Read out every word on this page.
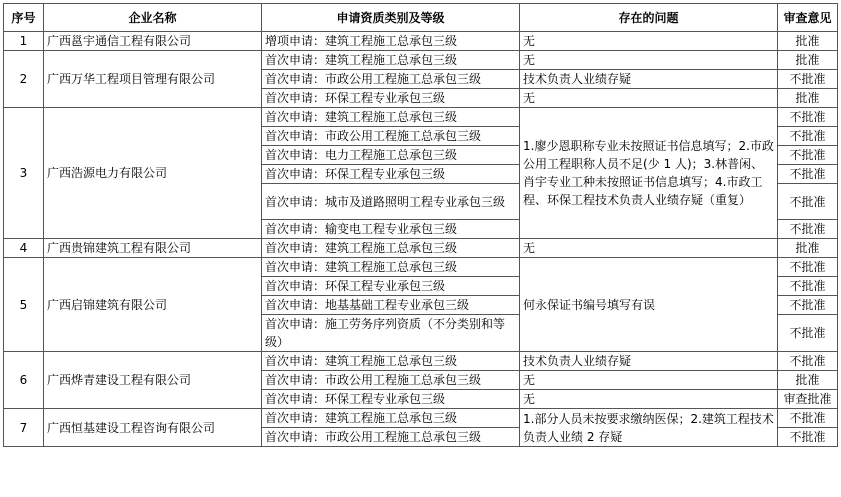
序号	企业名称	申请资质类别及等级	存在的问题	审查意见
1	广西邕宇通信工程有限公司	增项申请：建筑工程施工总承包三级	无	批准
2	广西万华工程项目管理有限公司	首次申请：建筑工程施工总承包三级	无	批准
		首次申请：市政公用工程施工总承包三级	技术负责人业绩存疑	不批准
		首次申请：环保工程专业承包三级	无	批准
3	广西浩源电力有限公司	首次申请：建筑工程施工总承包三级	1.廖少恩职称专业未按照证书信息填写；2.市政公用工程职称人员不足(少 1 人)；3.林普闲、肖宇专业工种未按照证书信息填写；4.市政工程、环保工程技术负责人业绩存疑（重复）	不批准
		首次申请：市政公用工程施工总承包三级		不批准
		首次申请：电力工程施工总承包三级		不批准
		首次申请：环保工程专业承包三级		不批准
		首次申请：城市及道路照明工程专业承包三级		不批准
		首次申请：输变电工程专业承包三级		不批准
4	广西贵锦建筑工程有限公司	首次申请：建筑工程施工总承包三级	无	批准
5	广西启锦建筑有限公司	首次申请：建筑工程施工总承包三级	何永保证书编号填写有误	不批准
		首次申请：环保工程专业承包三级		不批准
		首次申请：地基基础工程专业承包三级		不批准
		首次申请：施工劳务序列资质（不分类别和等级）		不批准
6	广西烨青建设工程有限公司	首次申请：建筑工程施工总承包三级	技术负责人业绩存疑	不批准
		首次申请：市政公用工程施工总承包三级	无	批准
		首次申请：环保工程专业承包三级	无	审查批准
7	广西恒基建设工程咨询有限公司	首次申请：建筑工程施工总承包三级	1.部分人员未按要求缴纳医保；2.建筑工程技术负责人业绩 2 存疑	不批准
		首次申请：市政公用工程施工总承包三级		不批准
